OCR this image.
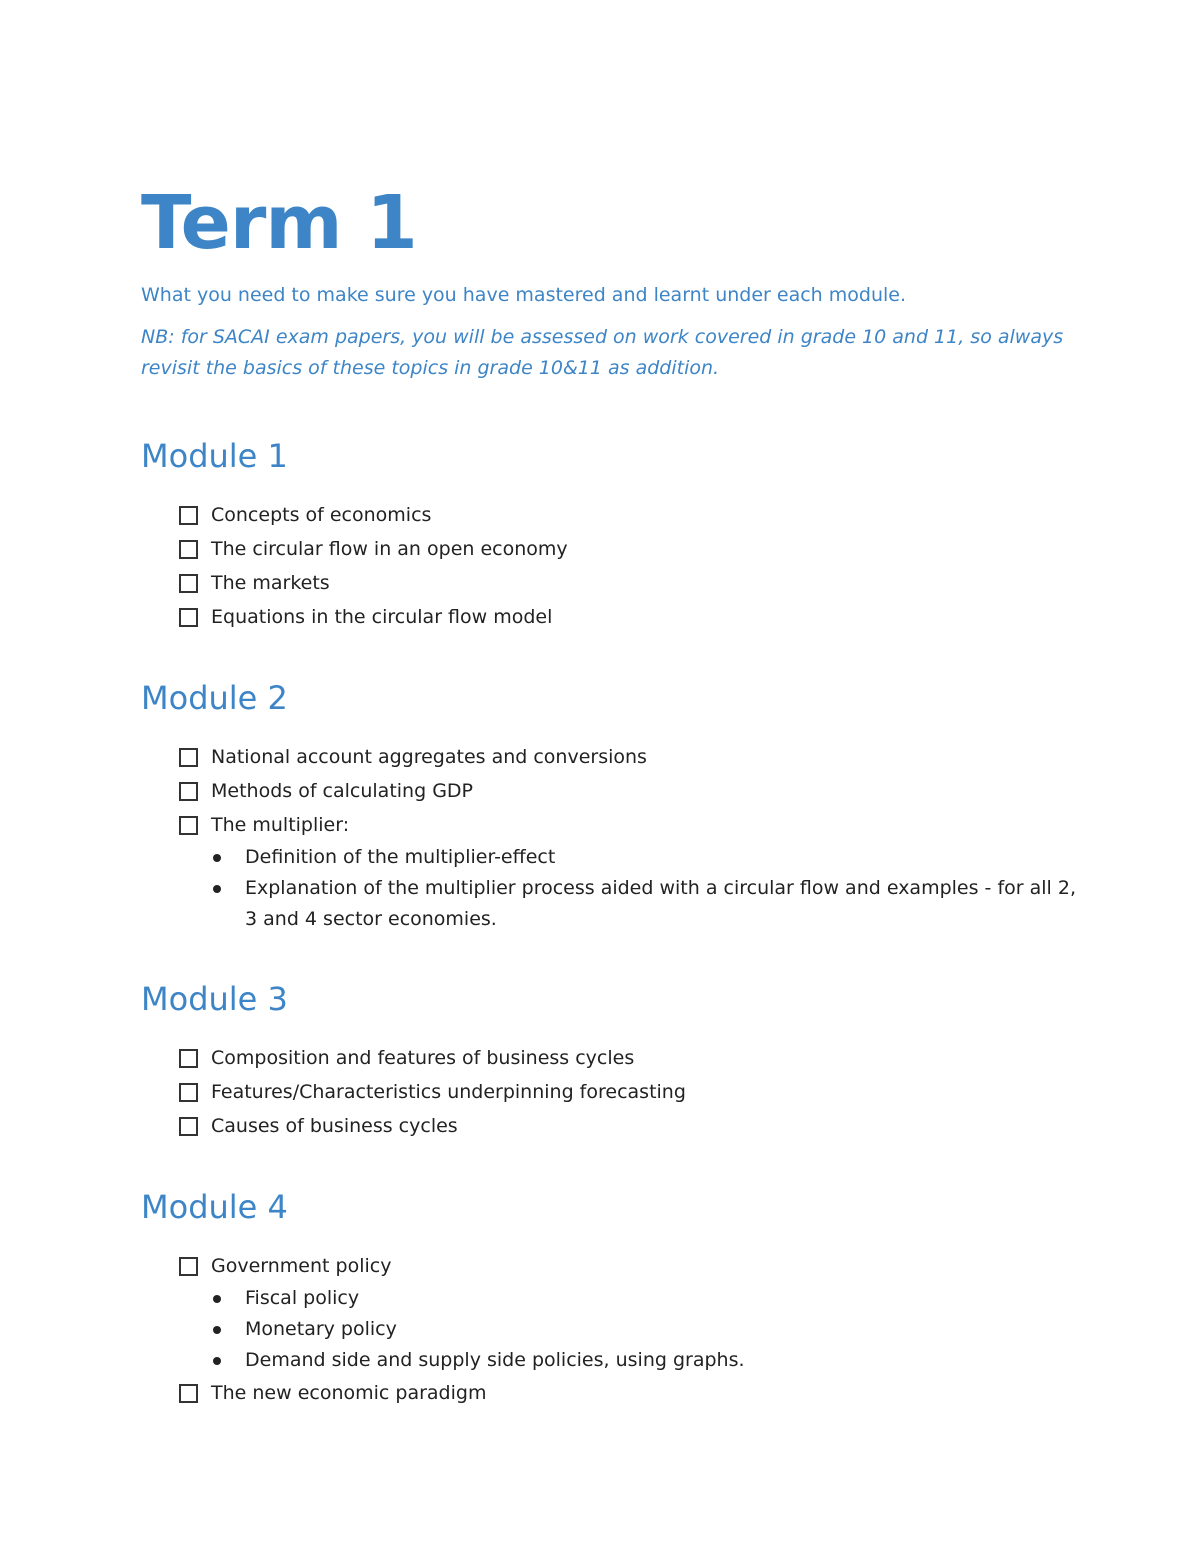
Term 1
What you need to make sure you have mastered and learnt under each module.
NB: for SACAI exam papers, you will be assessed on work covered in grade 10 and 11, so always revisit the basics of these topics in grade 10&11 as addition.
Module 1
Concepts of economics
The circular flow in an open economy
The markets
Equations in the circular flow model
Module 2
National account aggregates and conversions
Methods of calculating GDP
The multiplier:
Definition of the multiplier-effect
Explanation of the multiplier process aided with a circular flow and examples - for all 2, 3 and 4 sector economies.
Module 3
Composition and features of business cycles
Features/Characteristics underpinning forecasting
Causes of business cycles
Module 4
Government policy
Fiscal policy
Monetary policy
Demand side and supply side policies, using graphs.
The new economic paradigm
